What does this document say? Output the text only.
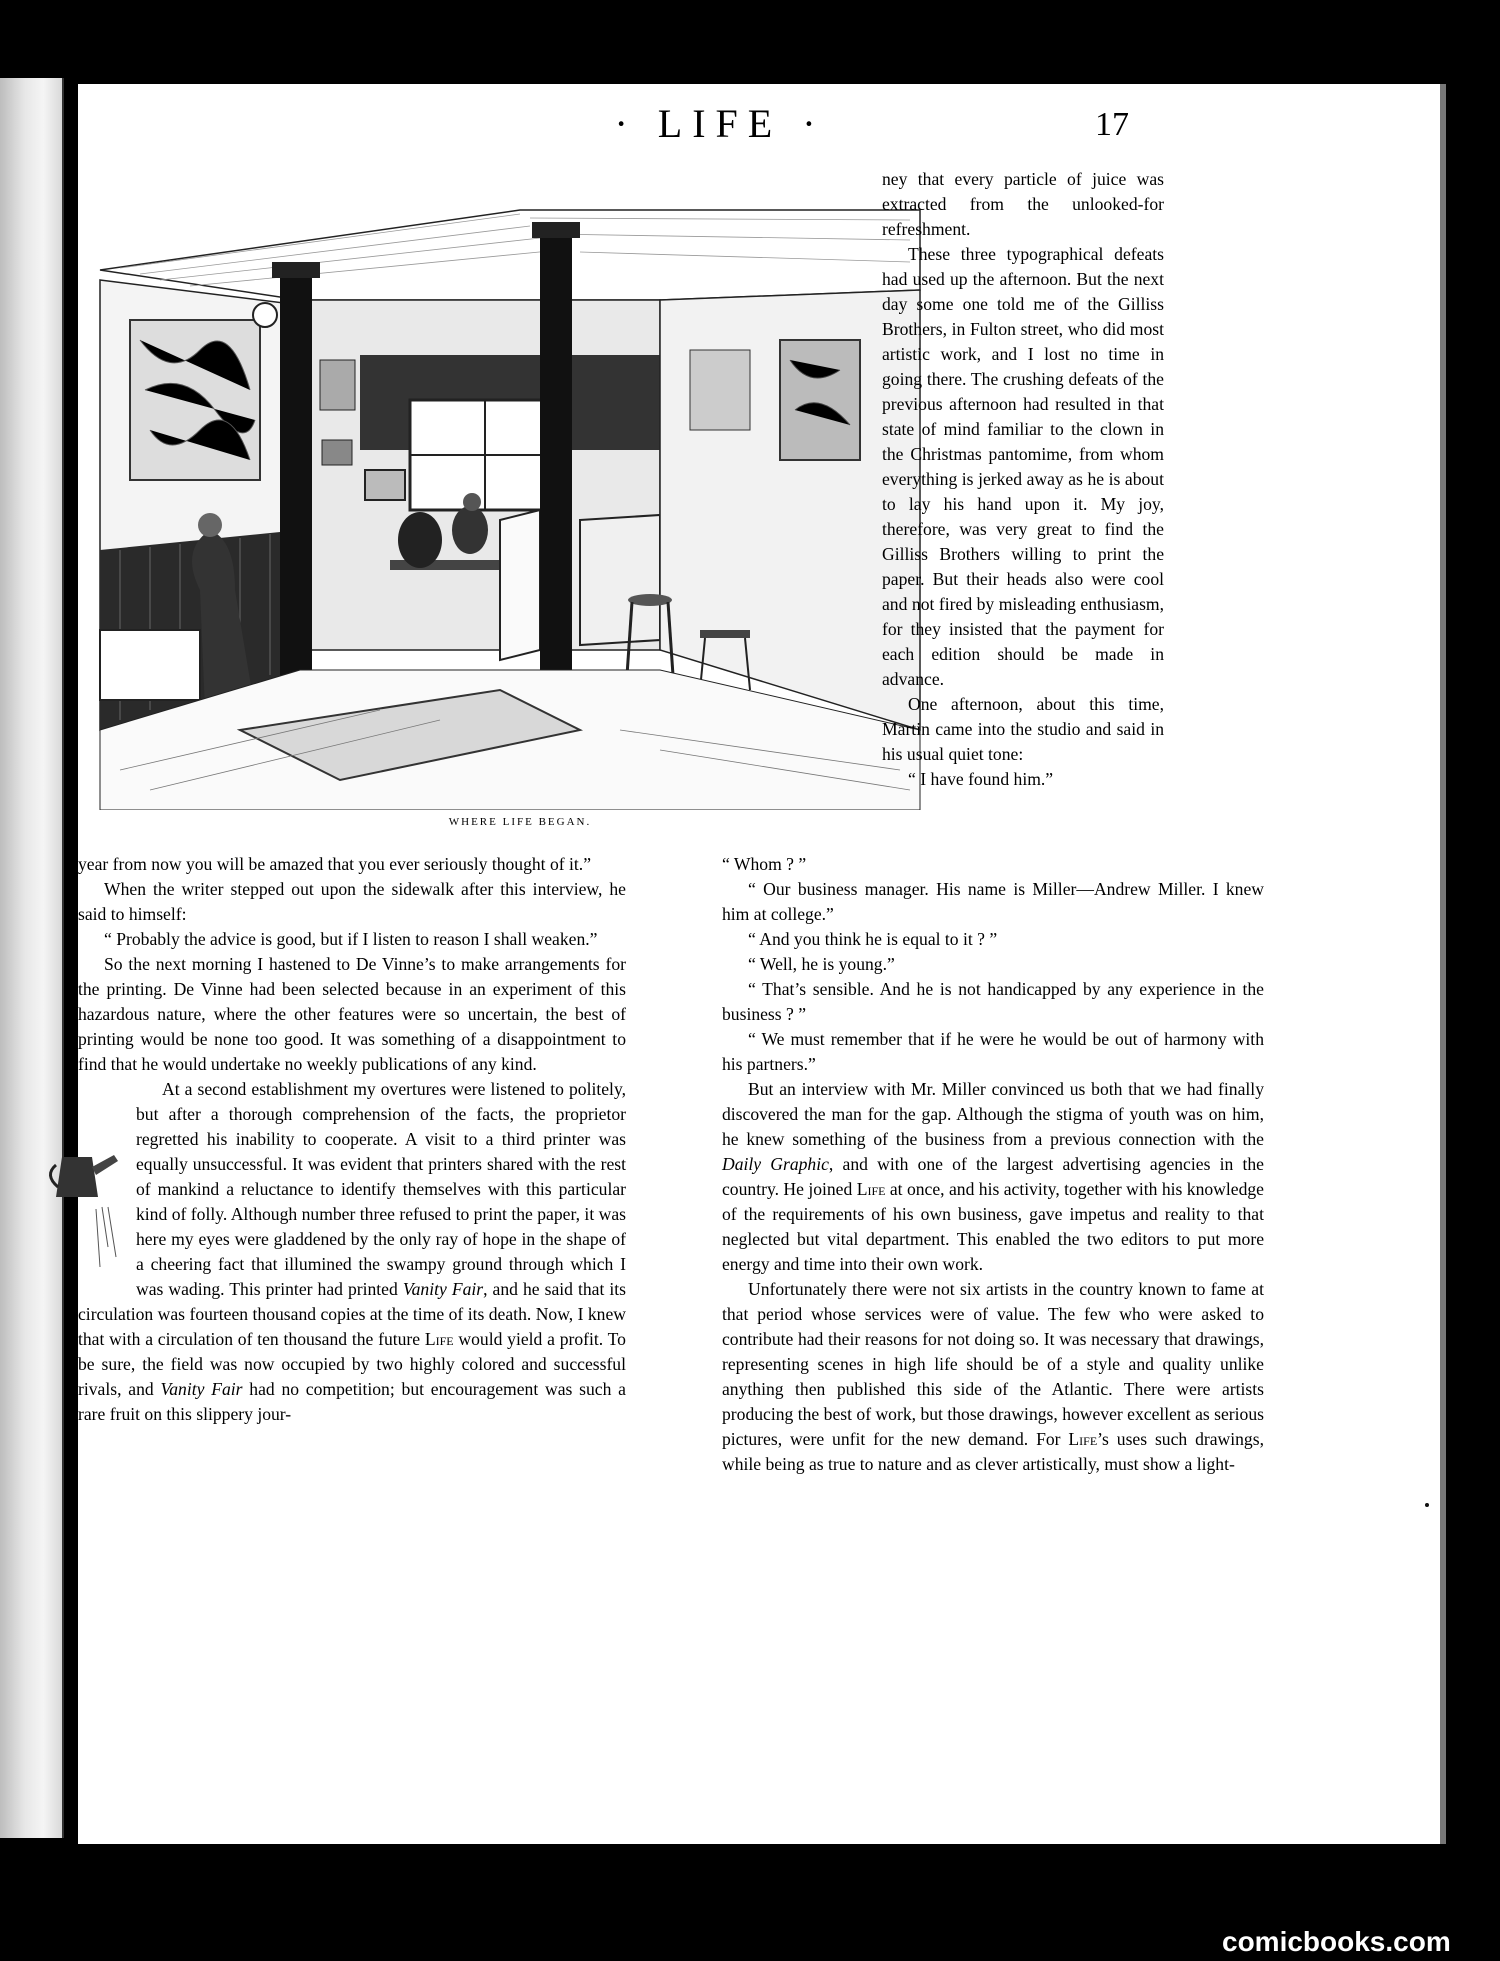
· LIFE ·	17
WHERE LIFE BEGAN.

ney that every particle of juice was extracted from the unlooked-for refreshment.

These three typographical defeats had used up the afternoon. But the next day some one told me of the Gilliss Brothers, in Fulton street, who did most artistic work, and I lost no time in going there. The crushing defeats of the previous afternoon had resulted in that state of mind familiar to the clown in the Christmas pantomime, from whom everything is jerked away as he is about to lay his hand upon it. My joy, therefore, was very great to find the Gilliss Brothers willing to print the paper. But their heads also were cool and not fired by misleading enthusiasm, for they insisted that the payment for each edition should be made in advance.

One afternoon, about this time, Martin came into the studio and said in his usual quiet tone:

“ I have found him.”

year from now you will be amazed that you ever seriously thought of it.”

When the writer stepped out upon the sidewalk after this interview, he said to himself:

“ Probably the advice is good, but if I listen to reason I shall weaken.”

So the next morning I hastened to De Vinne’s to make arrangements for the printing. De Vinne had been selected because in an experiment of this hazardous nature, where the other features were so uncertain, the best of printing would be none too good. It was something of a disappointment to find that he would undertake no weekly publications of any kind.

At a second establishment my overtures were listened to politely, but after a thorough comprehension of the facts, the proprietor regretted his inability to cooperate. A visit to a third printer was equally unsuccessful. It was evident that printers shared with the rest of mankind a reluctance to identify themselves with this particular kind of folly. Although number three refused to print the paper, it was here my eyes were gladdened by the only ray of hope in the shape of a cheering fact that illumined the swampy ground through which I was wading. This printer had printed Vanity Fair, and he said that its circulation was fourteen thousand copies at the time of its death. Now, I knew that with a circulation of ten thousand the future Life would yield a profit. To be sure, the field was now occupied by two highly colored and successful rivals, and Vanity Fair had no competition; but encouragement was such a rare fruit on this slippery jour-

“ Whom ? ”

“ Our business manager. His name is Miller—Andrew Miller. I knew him at college.”

“ And you think he is equal to it ? ”

“ Well, he is young.”

“ That’s sensible. And he is not handicapped by any experience in the business ? ”

“ We must remember that if he were he would be out of harmony with his partners.”

But an interview with Mr. Miller convinced us both that we had finally discovered the man for the gap. Although the stigma of youth was on him, he knew something of the business from a previous connection with the Daily Graphic, and with one of the largest advertising agencies in the country. He joined Life at once, and his activity, together with his knowledge of the requirements of his own business, gave impetus and reality to that neglected but vital department. This enabled the two editors to put more energy and time into their own work.

Unfortunately there were not six artists in the country known to fame at that period whose services were of value. The few who were asked to contribute had their reasons for not doing so. It was necessary that drawings, representing scenes in high life should be of a style and quality unlike anything then published this side of the Atlantic. There were artists producing the best of work, but those drawings, however excellent as serious pictures, were unfit for the new demand. For Life’s uses such drawings, while being as true to nature and as clever artistically, must show a light-

comicbooks.com
